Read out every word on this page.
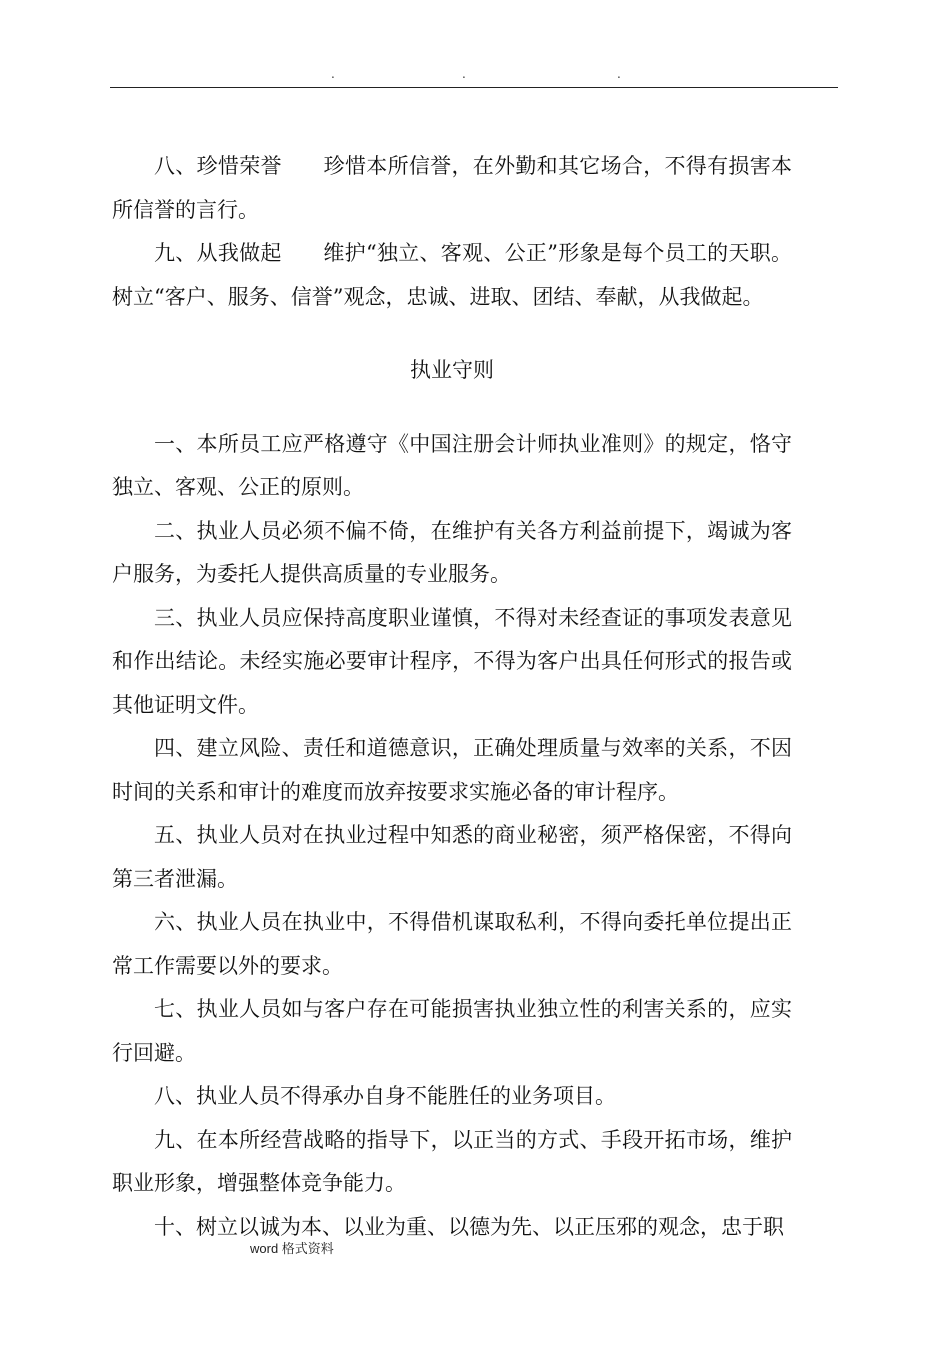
.	.	.

八、珍惜荣誉 珍惜本所信誉，在外勤和其它场合，不得有损害本所信誉的言行。

九、从我做起 维护“独立、客观、公正”形象是每个员工的天职。树立“客户、服务、信誉”观念，忠诚、进取、团结、奉献，从我做起。

执业守则

一、本所员工应严格遵守《中国注册会计师执业准则》的规定，恪守独立、客观、公正的原则。

二、执业人员必须不偏不倚，在维护有关各方利益前提下，竭诚为客户服务，为委托人提供高质量的专业服务。

三、执业人员应保持高度职业谨慎，不得对未经查证的事项发表意见和作出结论。未经实施必要审计程序，不得为客户出具任何形式的报告或其他证明文件。

四、建立风险、责任和道德意识，正确处理质量与效率的关系，不因时间的关系和审计的难度而放弃按要求实施必备的审计程序。

五、执业人员对在执业过程中知悉的商业秘密，须严格保密，不得向第三者泄漏。

六、执业人员在执业中，不得借机谋取私利，不得向委托单位提出正常工作需要以外的要求。

七、执业人员如与客户存在可能损害执业独立性的利害关系的，应实行回避。

八、执业人员不得承办自身不能胜任的业务项目。

九、在本所经营战略的指导下，以正当的方式、手段开拓市场，维护职业形象，增强整体竞争能力。

十、树立以诚为本、以业为重、以德为先、以正压邪的观念，忠于职

word 格式资料
